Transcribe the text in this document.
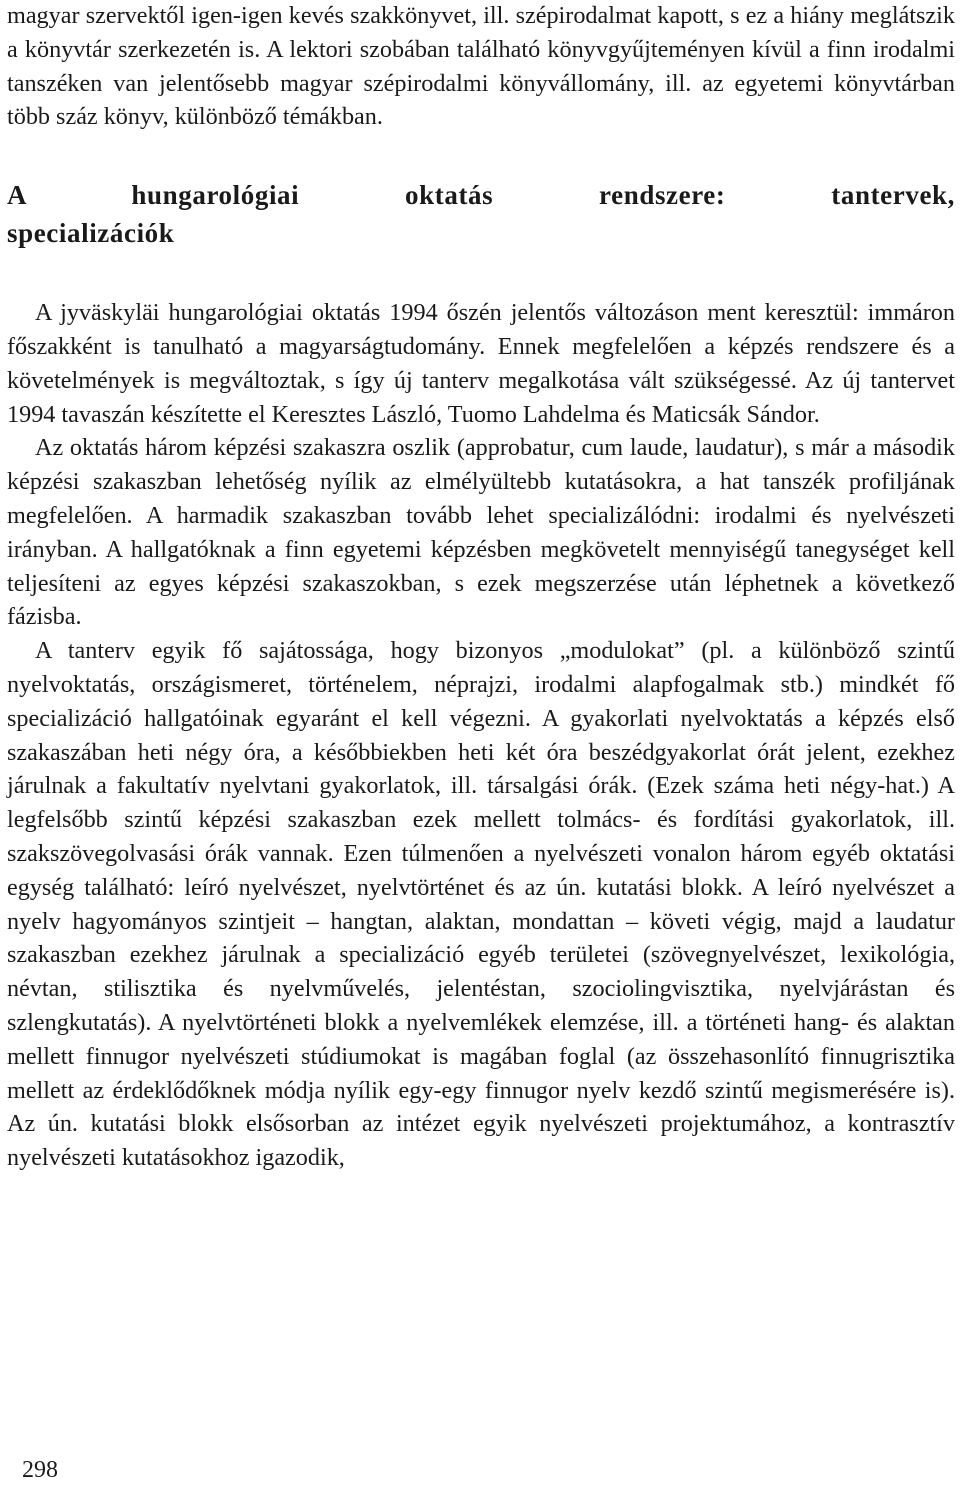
magyar szervektől igen-igen kevés szakkönyvet, ill. szépirodalmat kapott, s ez a hiány meglátszik a könyvtár szerkezetén is. A lektori szobában található könyvgyűjteményen kívül a finn irodalmi tanszéken van jelentősebb magyar szépirodalmi könyvállomány, ill. az egyetemi könyvtárban több száz könyv, különböző témákban.

A hungarológiai oktatás rendszere: tantervek,
specializációk

A jyväskyläi hungarológiai oktatás 1994 őszén jelentős változáson ment keresztül: immáron főszakként is tanulható a magyarságtudomány. Ennek megfelelően a képzés rendszere és a követelmények is megváltoztak, s így új tanterv megalkotása vált szükségessé. Az új tantervet 1994 tavaszán készítette el Keresztes László, Tuomo Lahdelma és Maticsák Sándor.

Az oktatás három képzési szakaszra oszlik (approbatur, cum laude, laudatur), s már a második képzési szakaszban lehetőség nyílik az elmélyültebb kutatásokra, a hat tanszék profiljának megfelelően. A harmadik szakaszban tovább lehet specializálódni: irodalmi és nyelvészeti irányban. A hallgatóknak a finn egyetemi képzésben megkövetelt mennyiségű tanegységet kell teljesíteni az egyes képzési szakaszokban, s ezek megszerzése után léphetnek a következő fázisba.

A tanterv egyik fő sajátossága, hogy bizonyos „modulokat” (pl. a különböző szintű nyelvoktatás, országismeret, történelem, néprajzi, irodalmi alapfogalmak stb.) mindkét fő specializáció hallgatóinak egyaránt el kell végezni. A gyakorlati nyelvoktatás a képzés első szakaszában heti négy óra, a későbbiekben heti két óra beszédgyakorlat órát jelent, ezekhez járulnak a fakultatív nyelvtani gyakorlatok, ill. társalgási órák. (Ezek száma heti négy-hat.) A legfelsőbb szintű képzési szakaszban ezek mellett tolmács- és fordítási gyakorlatok, ill. szakszövegolvasási órák vannak. Ezen túlmenően a nyelvészeti vonalon három egyéb oktatási egység található: leíró nyelvészet, nyelvtörténet és az ún. kutatási blokk. A leíró nyelvészet a nyelv hagyományos szintjeit – hangtan, alaktan, mondattan – követi végig, majd a laudatur szakaszban ezekhez járulnak a specializáció egyéb területei (szövegnyelvészet, lexikológia, névtan, stilisztika és nyelvművelés, jelentéstan, szociolingvisztika, nyelvjárástan és szlengkutatás). A nyelvtörténeti blokk a nyelvemlékek elemzése, ill. a történeti hang- és alaktan mellett finnugor nyelvészeti stúdiumokat is magában foglal (az összehasonlító finnugrisztika mellett az érdeklődőknek módja nyílik egy-egy finnugor nyelv kezdő szintű megismerésére is). Az ún. kutatási blokk elsősorban az intézet egyik nyelvészeti projektumához, a kontrasztív nyelvészeti kutatásokhoz igazodik,

298
